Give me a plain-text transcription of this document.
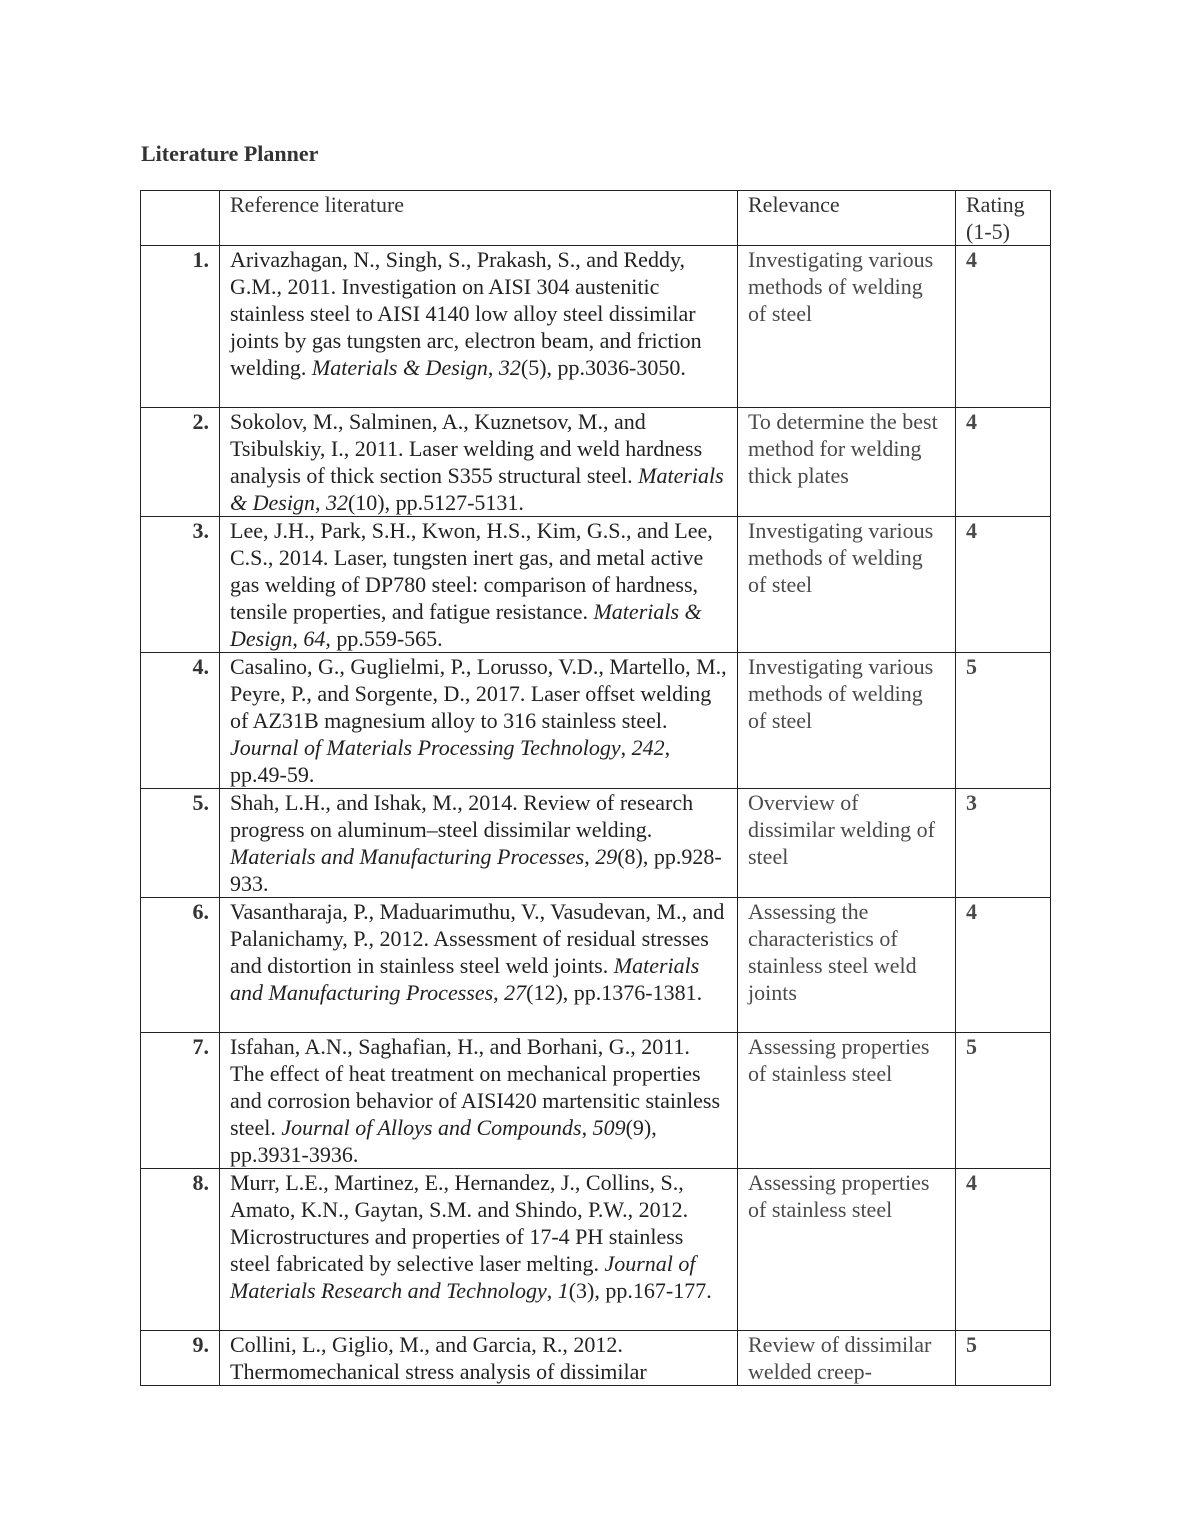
Literature Planner
	Reference literature	Relevance	Rating (1-5)
1.	Arivazhagan, N., Singh, S., Prakash, S., and Reddy, G.M., 2011. Investigation on AISI 304 austenitic stainless steel to AISI 4140 low alloy steel dissimilar joints by gas tungsten arc, electron beam, and friction welding. Materials & Design, 32(5), pp.3036-3050.	Investigating various methods of welding of steel	4
2.	Sokolov, M., Salminen, A., Kuznetsov, M., and Tsibulskiy, I., 2011. Laser welding and weld hardness analysis of thick section S355 structural steel. Materials & Design, 32(10), pp.5127-5131.	To determine the best method for welding thick plates	4
3.	Lee, J.H., Park, S.H., Kwon, H.S., Kim, G.S., and Lee, C.S., 2014. Laser, tungsten inert gas, and metal active gas welding of DP780 steel: comparison of hardness, tensile properties, and fatigue resistance. Materials & Design, 64, pp.559-565.	Investigating various methods of welding of steel	4
4.	Casalino, G., Guglielmi, P., Lorusso, V.D., Martello, M., Peyre, P., and Sorgente, D., 2017. Laser offset welding of AZ31B magnesium alloy to 316 stainless steel. Journal of Materials Processing Technology, 242, pp.49-59.	Investigating various methods of welding of steel	5
5.	Shah, L.H., and Ishak, M., 2014. Review of research progress on aluminum–steel dissimilar welding. Materials and Manufacturing Processes, 29(8), pp.928-933.	Overview of dissimilar welding of steel	3
6.	Vasantharaja, P., Maduarimuthu, V., Vasudevan, M., and Palanichamy, P., 2012. Assessment of residual stresses and distortion in stainless steel weld joints. Materials and Manufacturing Processes, 27(12), pp.1376-1381.	Assessing the characteristics of stainless steel weld joints	4
7.	Isfahan, A.N., Saghafian, H., and Borhani, G., 2011. The effect of heat treatment on mechanical properties and corrosion behavior of AISI420 martensitic stainless steel. Journal of Alloys and Compounds, 509(9), pp.3931-3936.	Assessing properties of stainless steel	5
8.	Murr, L.E., Martinez, E., Hernandez, J., Collins, S., Amato, K.N., Gaytan, S.M. and Shindo, P.W., 2012. Microstructures and properties of 17-4 PH stainless steel fabricated by selective laser melting. Journal of Materials Research and Technology, 1(3), pp.167-177.	Assessing properties of stainless steel	4
9.	Collini, L., Giglio, M., and Garcia, R., 2012. Thermomechanical stress analysis of dissimilar	Review of dissimilar welded creep-	5
